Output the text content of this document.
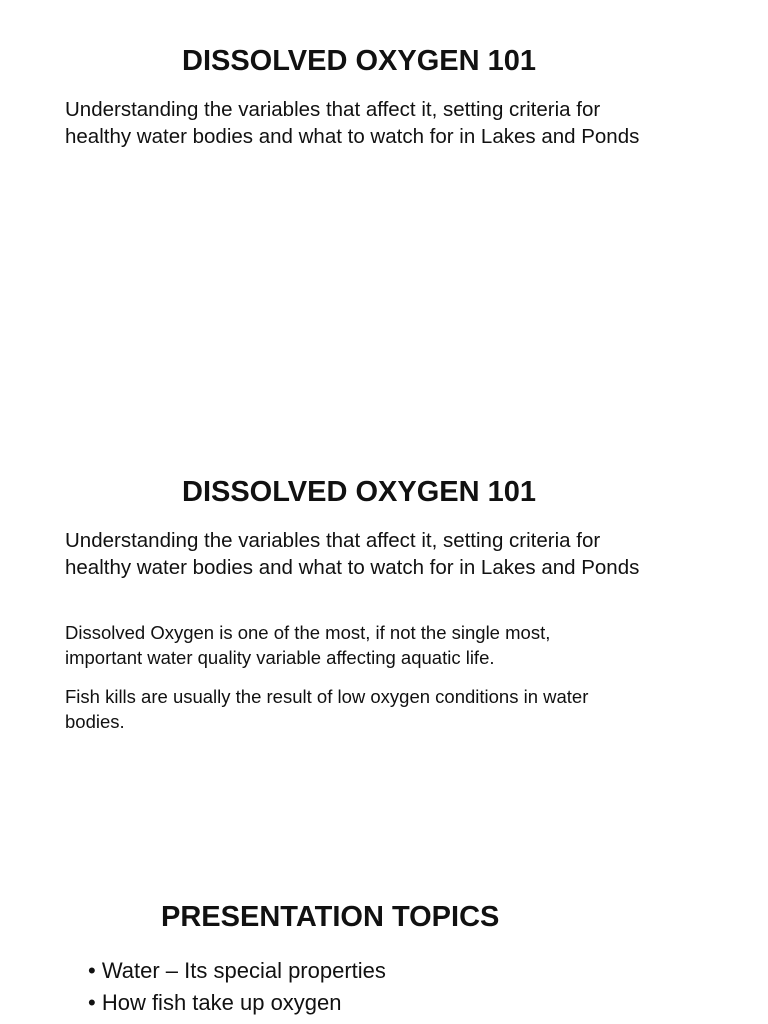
DISSOLVED OXYGEN 101

Understanding the variables that affect it, setting criteria for
healthy water bodies and what to watch for in Lakes and Ponds

DISSOLVED OXYGEN 101

Understanding the variables that affect it, setting criteria for
healthy water bodies and what to watch for in Lakes and Ponds

Dissolved Oxygen is one of the most, if not the single most,
important water quality variable affecting aquatic life.

Fish kills are usually the result of low oxygen conditions in water
bodies.

PRESENTATION TOPICS
• Water – Its special properties
• How fish take up oxygen
